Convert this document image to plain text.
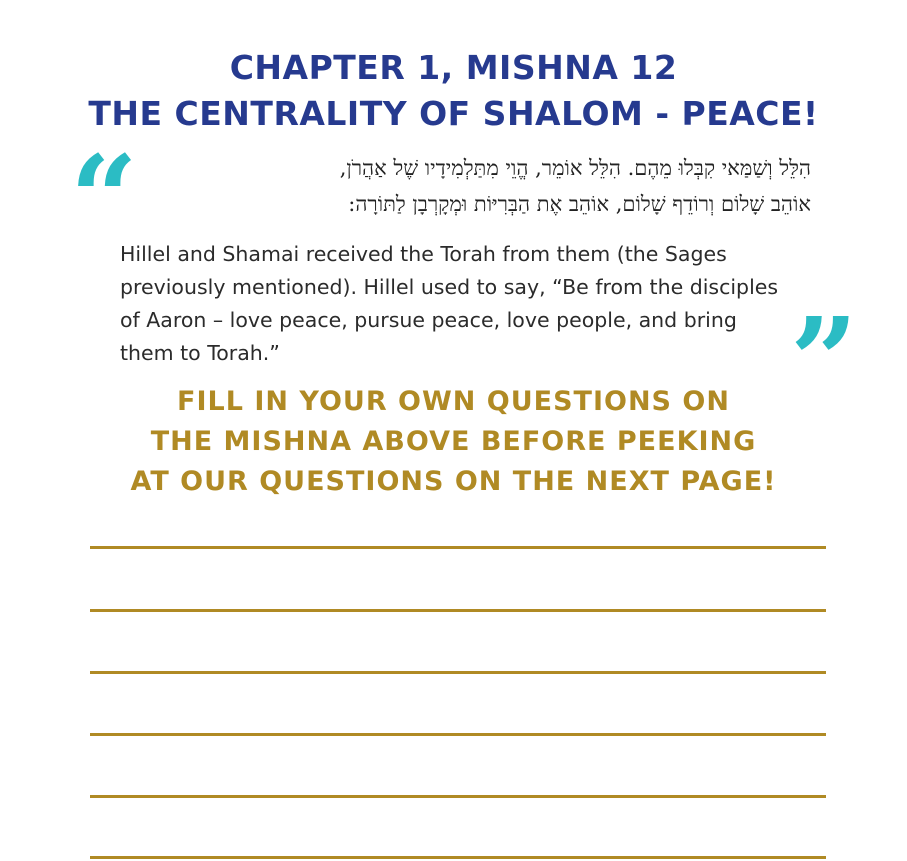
CHAPTER 1, MISHNA 12
THE CENTRALITY OF SHALOM - PEACE!
“	הִלֵּל וְשַׁמַּאי קִבְּלוּ מֵהֶם. הִלֵּל אוֹמֵר, הֱוֵי מִתַּלְמִידָיו שֶׁל אַהֲרֹן,
אוֹהֵב שָׁלוֹם וְרוֹדֵף שָׁלוֹם, אוֹהֵב אֶת הַבְּרִיּוֹת וּמְקָרְבָן לַתּוֹרָה:
Hillel and Shamai received the Torah from them (the Sages
previously mentioned). Hillel used to say, “Be from the disciples
of Aaron – love peace, pursue peace, love people, and bring
them to Torah.”	”
FILL IN YOUR OWN QUESTIONS ON
THE MISHNA ABOVE BEFORE PEEKING
AT OUR QUESTIONS ON THE NEXT PAGE!
